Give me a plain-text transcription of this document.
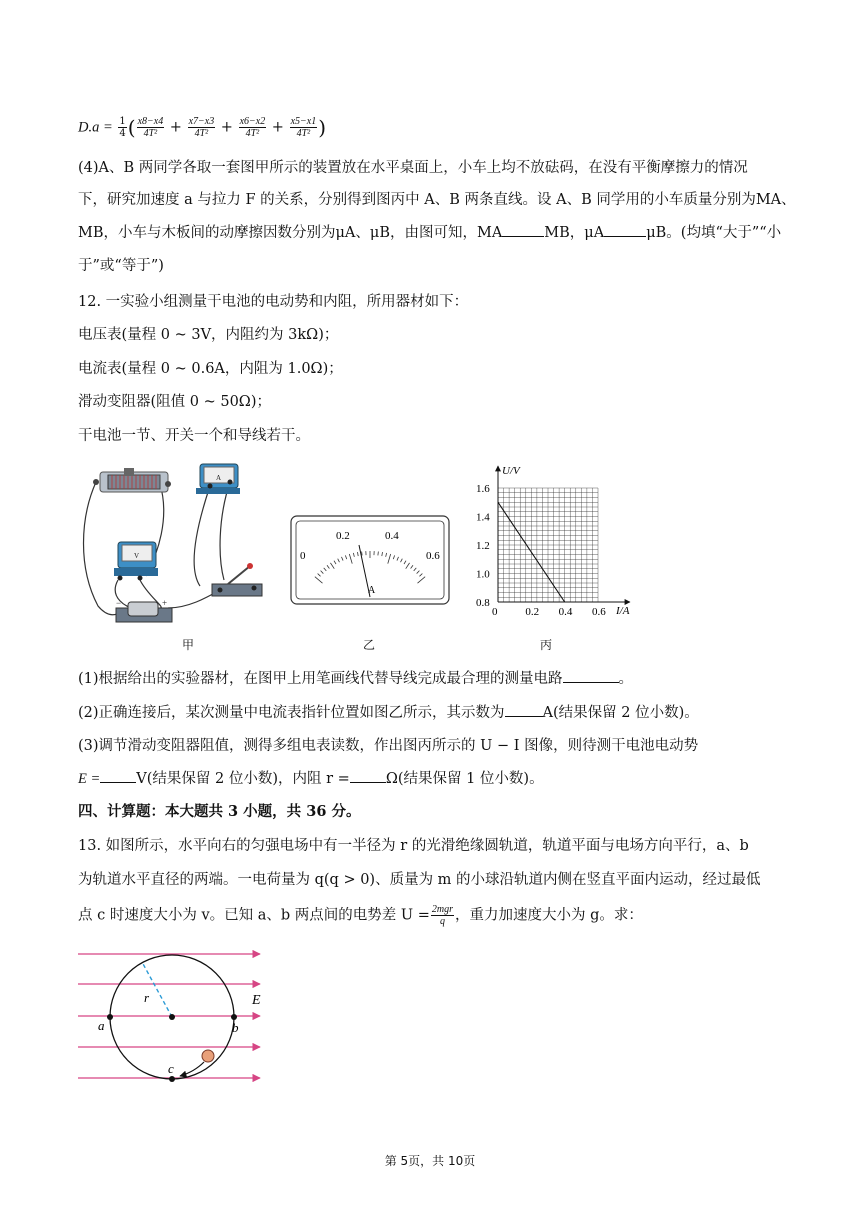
$D.a = \frac{1}{4}$ ( $\frac{x8-x4}{\text{4T²}} + \frac{x7-x3}{\text{4T²}} + \frac{x6-x2}{\text{4T²}} + \frac{x5-x1}{\text{4T²}}$ )
(4)A、B 两同学各取一套图甲所示的装置放在水平桌面上，小车上均不放砝码，在没有平衡摩擦力的情况
下，研究加速度 a 与拉力 F 的关系，分别得到图丙中 A、B 两条直线。设 A、B 同学用的小车质量分别为MA、
MB，小车与木板间的动摩擦因数分别为μA、μB，由图可知，MA	MB，μA	μB。(均填“大于”“小
于”或“等于”)
12. 一实验小组测量干电池的电动势和内阻，所用器材如下：
电压表(量程 0 ~ 3V，内阻约为 3kΩ)；
电流表(量程 0 ~ 0.6A，内阻为 1.0Ω)；
滑动变阻器(阻值 0 ~ 50Ω)；
干电池一节、开关一个和导线若干。
A
V
−	+
甲
0
0.2	0.4
0.6
A
乙
U/V
I/A
1.6
1.4
1.2
1.0
0.8
0	0.2 0.4 0.6
丙
(1)根据给出的实验器材，在图甲上用笔画线代替导线完成最合理的测量电路	。
(2)正确连接后，某次测量中电流表指针位置如图乙所示，其示数为	A(结果保留 2 位小数)。
(3)调节滑动变阻器阻值，测得多组电表读数，作出图丙所示的 U − I 图像，则待测干电池电动势
E = V(结果保留 2 位小数)，内阻 r = Ω(结果保留 1 位小数)。
四、计算题：本大题共 3 小题，共 36 分。
13. 如图所示，水平向右的匀强电场中有一半径为 r 的光滑绝缘圆轨道，轨道平面与电场方向平行，a、b
为轨道水平直径的两端。一电荷量为 q(q > 0)、质量为 m 的小球沿轨道内侧在竖直平面内运动，经过最低
点 c 时速度大小为 v。已知 a、b 两点间的电势差 $U = \frac{\text{2mgr}}{q}$ ，重力加速度大小为 g。求：
r	E
a	b
c
第 5页，共 10页
